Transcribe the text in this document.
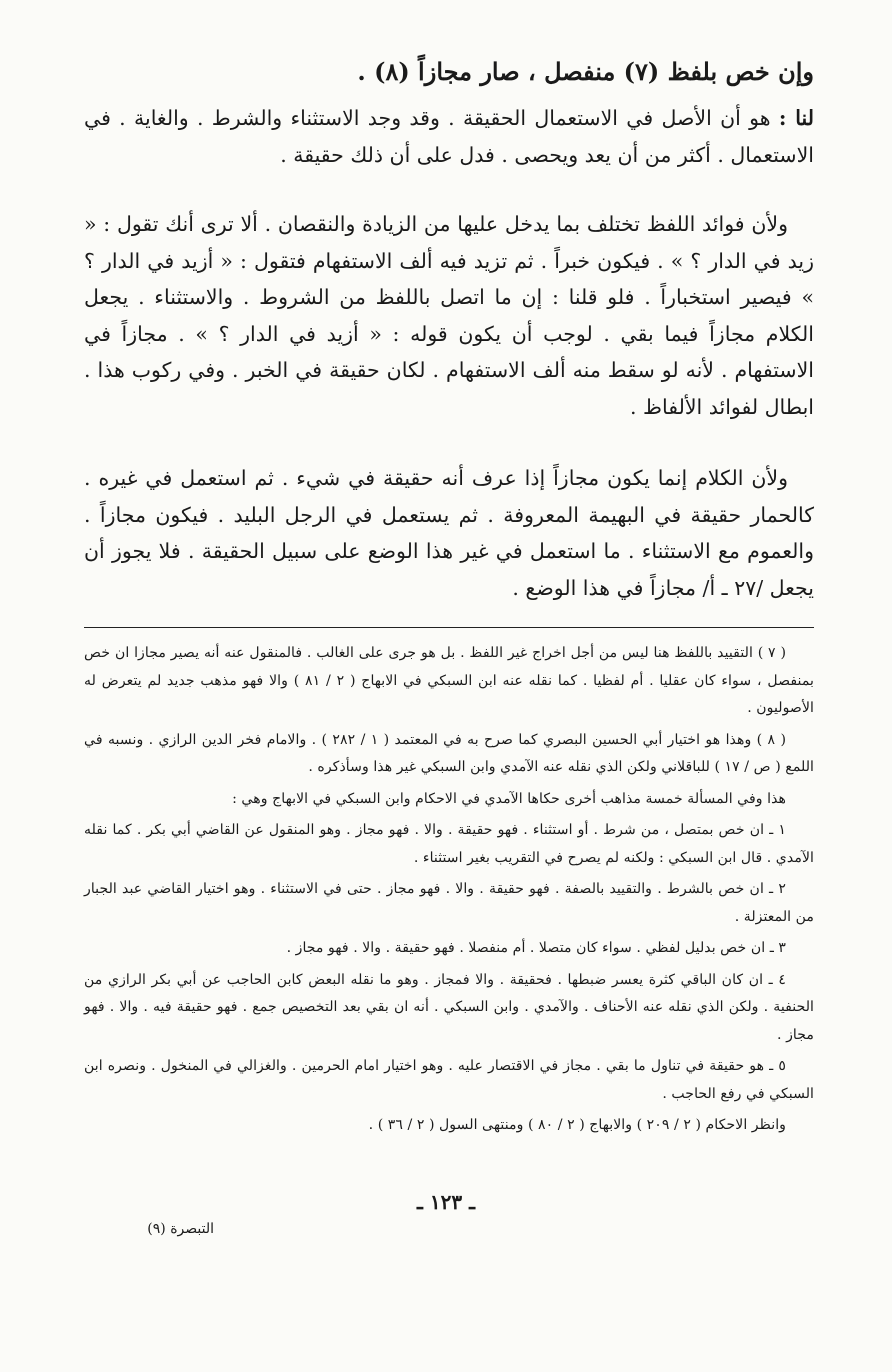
وإن خص بلفظ (٧) منفصل ، صار مجازاً (٨) .

لنا : هو أن الأصل في الاستعمال الحقيقة . وقد وجد الاستثناء والشرط . والغاية . في الاستعمال . أكثر من أن يعد ويحصى . فدل على أن ذلك حقيقة .

ولأن فوائد اللفظ تختلف بما يدخل عليها من الزيادة والنقصان . ألا ترى أنك تقول : « زيد في الدار ؟ » . فيكون خبراً . ثم تزيد فيه ألف الاستفهام فتقول : « أزيد في الدار ؟ » فيصير استخباراً . فلو قلنا : إن ما اتصل باللفظ من الشروط . والاستثناء . يجعل الكلام مجازاً فيما بقي . لوجب أن يكون قوله : « أزيد في الدار ؟ » . مجازاً في الاستفهام . لأنه لو سقط منه ألف الاستفهام . لكان حقيقة في الخبر . وفي ركوب هذا . ابطال لفوائد الألفاظ .

ولأن الكلام إنما يكون مجازاً إذا عرف أنه حقيقة في شيء . ثم استعمل في غيره . كالحمار حقيقة في البهيمة المعروفة . ثم يستعمل في الرجل البليد . فيكون مجازاً . والعموم مع الاستثناء . ما استعمل في غير هذا الوضع على سبيل الحقيقة . فلا يجوز أن يجعل /٢٧ ـ أ/ مجازاً في هذا الوضع .

( ٧ ) التقييد باللفظ هنا ليس من أجل اخراج غير اللفظ . بل هو جرى على الغالب . فالمنقول عنه أنه يصير مجازا ان خص بمنفصل ، سواء كان عقليا . أم لفظيا . كما نقله عنه ابن السبكي في الابهاج ( ٢ / ٨١ ) والا فهو مذهب جديد لم يتعرض له الأصوليون .

( ٨ ) وهذا هو اختيار أبي الحسين البصري كما صرح به في المعتمد ( ١ / ٢٨٢ ) . والامام فخر الدين الرازي . ونسبه في اللمع ( ص / ١٧ ) للباقلاني ولكن الذي نقله عنه الآمدي وابن السبكي غير هذا وسأذكره .

هذا وفي المسألة خمسة مذاهب أخرى حكاها الآمدي في الاحكام وابن السبكي في الابهاج وهي :

١ ـ ان خص بمتصل ، من شرط . أو استثناء . فهو حقيقة . والا . فهو مجاز . وهو المنقول عن القاضي أبي بكر . كما نقله الآمدي . قال ابن السبكي : ولكنه لم يصرح في التقريب بغير استثناء .

٢ ـ ان خص بالشرط . والتقييد بالصفة . فهو حقيقة . والا . فهو مجاز . حتى في الاستثناء . وهو اختيار القاضي عبد الجبار من المعتزلة .

٣ ـ ان خص بدليل لفظي . سواء كان متصلا . أم منفصلا . فهو حقيقة . والا . فهو مجاز .

٤ ـ ان كان الباقي كثرة يعسر ضبطها . فحقيقة . والا فمجاز . وهو ما نقله البعض كابن الحاجب عن أبي بكر الرازي من الحنفية . ولكن الذي نقله عنه الأحناف . والآمدي . وابن السبكي . أنه ان بقي بعد التخصيص جمع . فهو حقيقة فيه . والا . فهو مجاز .

٥ ـ هو حقيقة في تناول ما بقي . مجاز في الاقتصار عليه . وهو اختيار امام الحرمين . والغزالي في المنخول . ونصره ابن السبكي في رفع الحاجب .

وانظر الاحكام ( ٢ / ٢٠٩ ) والابهاج ( ٢ / ٨٠ ) ومنتهى السول ( ٢ / ٣٦ ) .

ـ ١٢٣ ـ
التبصرة (٩)
